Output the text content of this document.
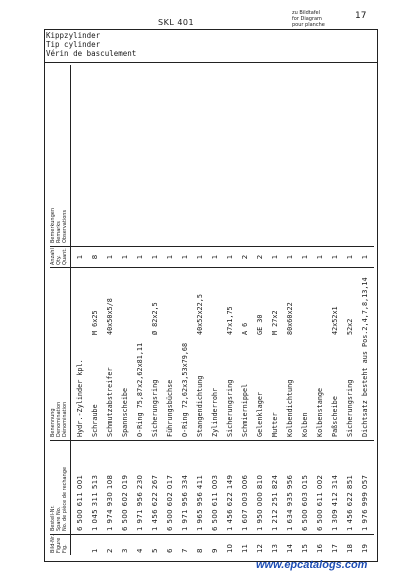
SKL 401
zu Bildtafel
for Diagram
pour planche
17
Kippzylinder
Tip cylinder
Vérin de basculement
Bild-Nr. Figure Fig.
Bestell-Nr. Spare No. No. de pièce de rechange
Benennung Denomination Dénomination
Anzahl Qty. Quant.
Bemerkungen Remarks Observations
6 500 611 001
Hydr.-Zylinder kpl.
1
1
1 045 311 513
Schraube
M 6x25
8
2
1 974 930 108
Schmutzabstreifer
40x50x5/8
1
3
6 500 602 019
Spannscheibe
1
4
1 971 956 230
O-Ring 75,87x2,62x81,11
1
5
1 456 622 267
Sicherungsring
Ø 82x2,5
1
6
6 500 602 017
Führungsbüchse
1
7
1 971 956 334
O-Ring 72,62x3,53x79,68
1
8
1 965 956 411
Stangendichtung
40x52x22,5
1
9
6 500 611 003
Zylinderrohr
1
10
1 456 622 149
Sicherungsring
47x1,75
1
11
1 607 003 006
Schmiernippel
A 6
2
12
1 950 000 810
Gelenklager
GE 30
2
13
1 212 251 824
Mutter
M 27x2
1
14
1 634 935 956
Kolbendichtung
80x60x22
1
15
6 500 603 015
Kolben
1
16
6 500 611 002
Kolbenstange
1
17
1 309 412 314
Paßscheibe
42x52x1
1
18
1 456 622 851
Sicherungsring
52x2
1
19
1 976 999 057
Dichtsatz besteht aus Pos.2,4,7,8,13,14
1
www.epcatalogs.com
